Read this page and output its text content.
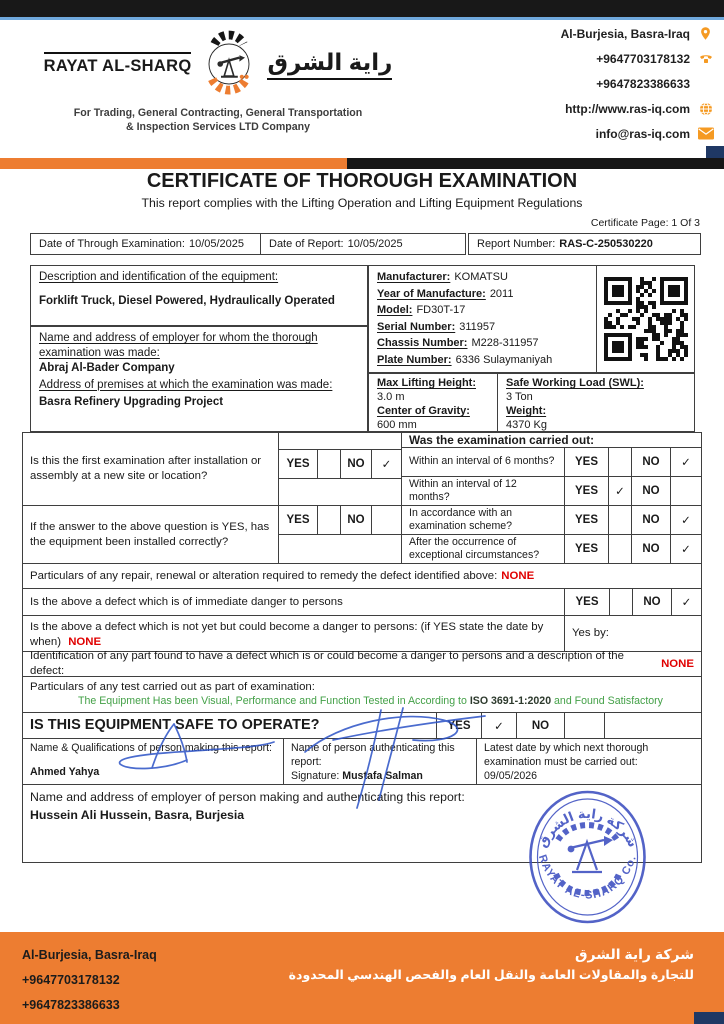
RAYAT AL-SHARQ	راية الشرق
For Trading, General Contracting, General Transportation
& Inspection Services LTD Company
Al-Burjesia, Basra-Iraq
+9647703178132
+9647823386633
http://www.ras-iq.com
info@ras-iq.com
CERTIFICATE OF THOROUGH EXAMINATION
This report complies with the Lifting Operation and Lifting Equipment Regulations
Certificate Page: 1 Of 3
Date of Through Examination: 10/05/2025 Date of Report: 10/05/2025	Report Number: RAS-C-250530220
Description and identification of the equipment:
Forklift Truck, Diesel Powered, Hydraulically Operated
Name and address of employer for whom the thorough examination was made:
Abraj Al-Bader Company
Address of premises at which the examination was made:
Basra Refinery Upgrading Project
Manufacturer: KOMATSU
Year of Manufacture: 2011
Model: FD30T-17
Serial Number: 311957
Chassis Number: M228-311957
Plate Number: 6336 Sulaymaniyah
Max Lifting Height:
3.0 m
Center of Gravity:
600 mm
Safe Working Load (SWL):
3 Ton
Weight:
4370 Kg
Is this the first examination after installation or assembly at a new site or location?
YES	NO	✓
Was the examination carried out:
Within an interval of 6 months?	YES	NO	✓
Within an interval of 12 months?	YES	✓	NO
If the answer to the above question is YES, has the equipment been installed correctly?
YES	NO
In accordance with an examination scheme?	YES	NO	✓
After the occurrence of exceptional circumstances?	YES	NO	✓
Particulars of any repair, renewal or alteration required to remedy the defect identified above: NONE
Is the above a defect which is of immediate danger to persons	YES	NO	✓
Is the above a defect which is not yet but could become a danger to persons: (if YES state the date by when) NONE
Yes by:
Identification of any part found to have a defect which is or could become a danger to persons and a description of the defect:
NONE
Particulars of any test carried out as part of examination:
The Equipment Has been Visual, Performance and Function Tested in According to ISO 3691-1:2020 and Found Satisfactory
IS THIS EQUIPMENT SAFE TO OPERATE?	YES	✓	NO
Name & Qualifications of person making this report:
Ahmed Yahya
Name of person authenticating this report:
Signature: Mustafa Salman
Latest date by which next thorough examination must be carried out:
09/05/2026
Name and address of employer of person making and authenticating this report:
Hussein Ali Hussein, Basra, Burjesia
شركة راية الشرق
RAYAT AL-SHARQ Co.
Al-Burjesia, Basra-Iraq
+9647703178132
+9647823386633
شركة راية الشرق
للتجارة والمقاولات العامة والنقل العام والفحص الهندسي المحدودة
